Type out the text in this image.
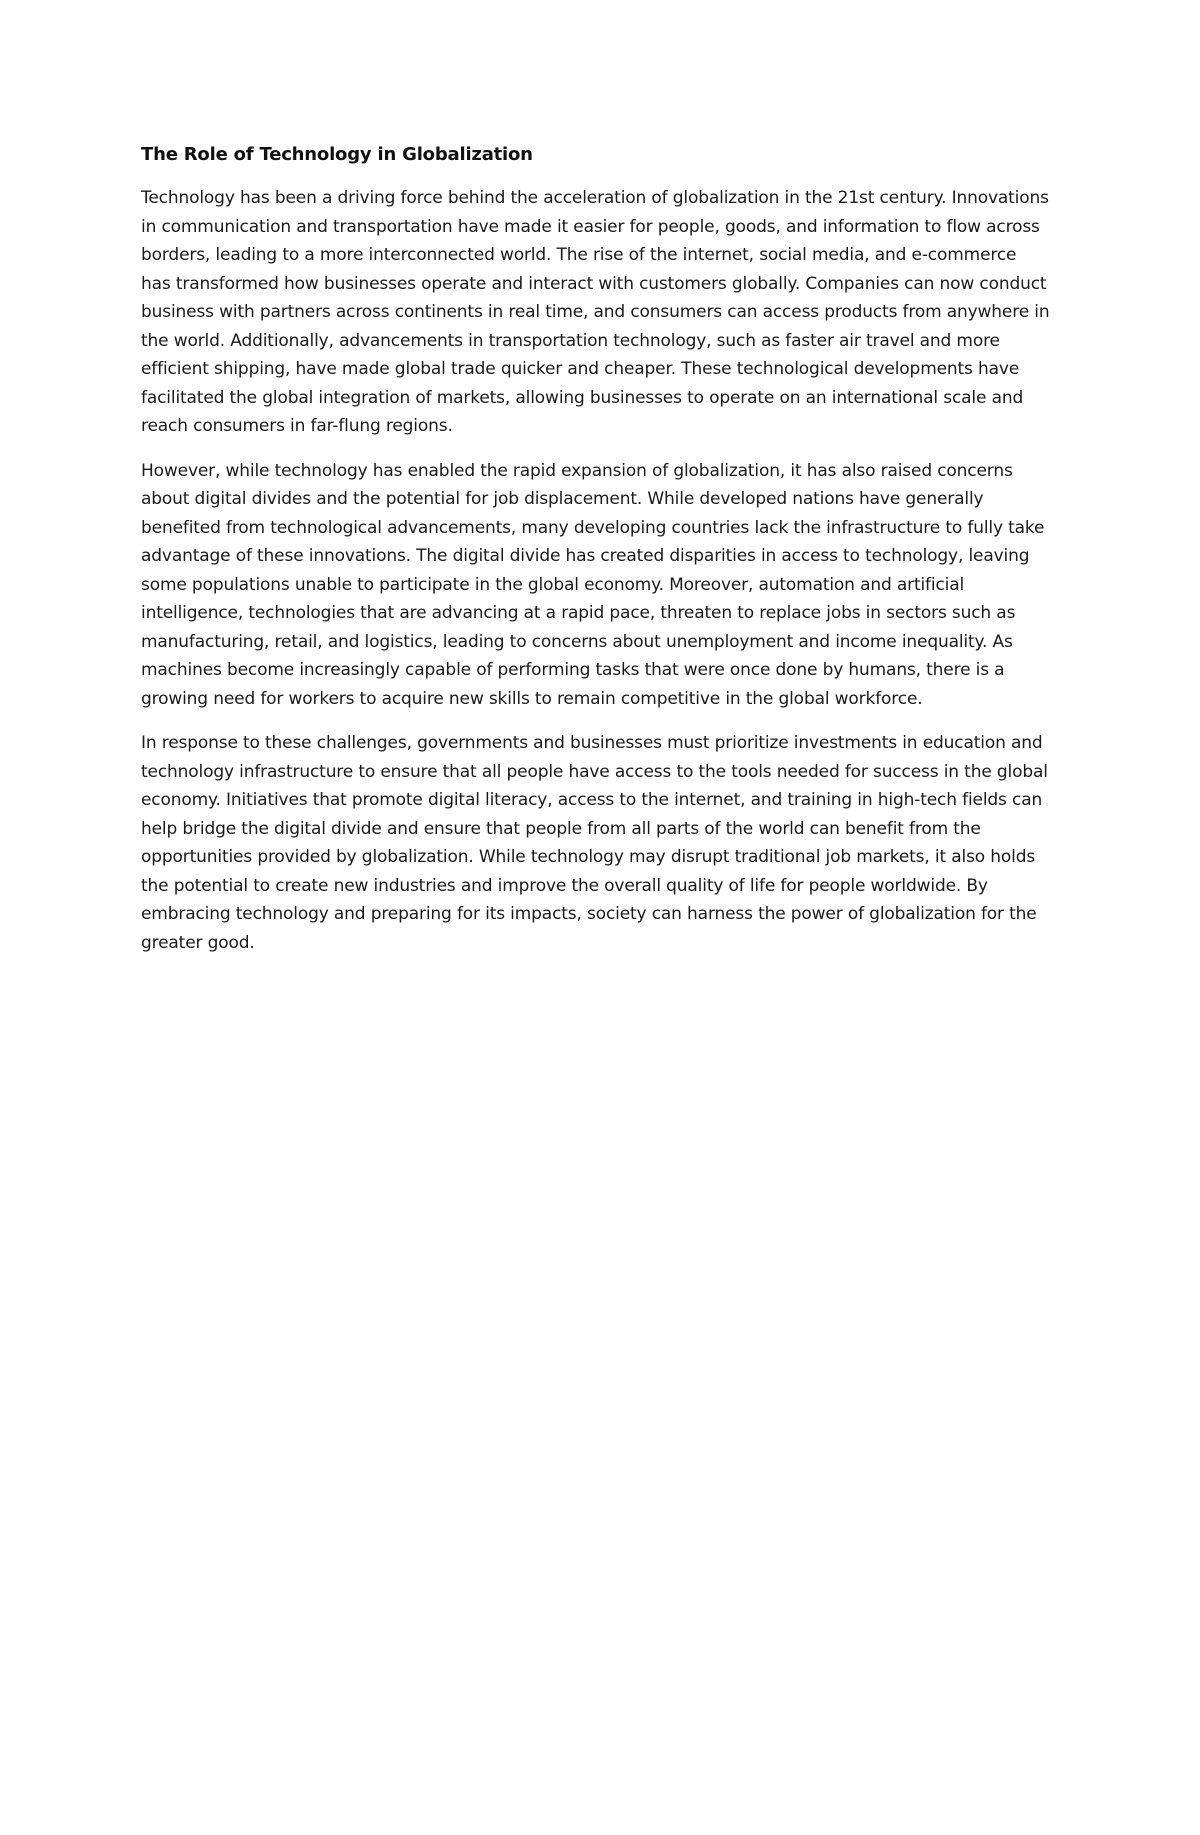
The Role of Technology in Globalization

Technology has been a driving force behind the acceleration of globalization in the 21st century. Innovations in communication and transportation have made it easier for people, goods, and information to flow across borders, leading to a more interconnected world. The rise of the internet, social media, and e-commerce has transformed how businesses operate and interact with customers globally. Companies can now conduct business with partners across continents in real time, and consumers can access products from anywhere in the world. Additionally, advancements in transportation technology, such as faster air travel and more efficient shipping, have made global trade quicker and cheaper. These technological developments have facilitated the global integration of markets, allowing businesses to operate on an international scale and reach consumers in far-flung regions.

However, while technology has enabled the rapid expansion of globalization, it has also raised concerns about digital divides and the potential for job displacement. While developed nations have generally benefited from technological advancements, many developing countries lack the infrastructure to fully take advantage of these innovations. The digital divide has created disparities in access to technology, leaving some populations unable to participate in the global economy. Moreover, automation and artificial intelligence, technologies that are advancing at a rapid pace, threaten to replace jobs in sectors such as manufacturing, retail, and logistics, leading to concerns about unemployment and income inequality. As machines become increasingly capable of performing tasks that were once done by humans, there is a growing need for workers to acquire new skills to remain competitive in the global workforce.

In response to these challenges, governments and businesses must prioritize investments in education and technology infrastructure to ensure that all people have access to the tools needed for success in the global economy. Initiatives that promote digital literacy, access to the internet, and training in high-tech fields can help bridge the digital divide and ensure that people from all parts of the world can benefit from the opportunities provided by globalization. While technology may disrupt traditional job markets, it also holds the potential to create new industries and improve the overall quality of life for people worldwide. By embracing technology and preparing for its impacts, society can harness the power of globalization for the greater good.
